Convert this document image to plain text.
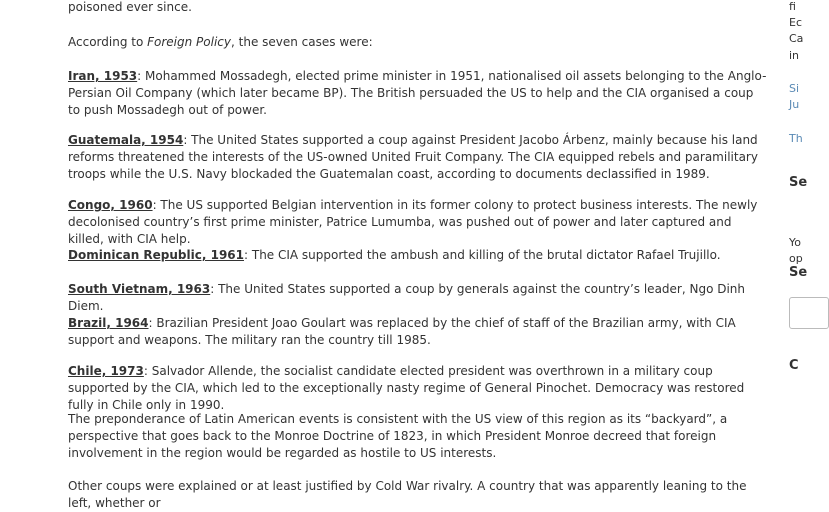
poisoned ever since.

According to Foreign Policy, the seven cases were:

Iran, 1953: Mohammed Mossadegh, elected prime minister in 1951, nationalised oil assets belonging to the Anglo-Persian Oil Company (which later became BP). The British persuaded the US to help and the CIA organised a coup to push Mossadegh out of power.

Guatemala, 1954: The United States supported a coup against President Jacobo Árbenz, mainly because his land reforms threatened the interests of the US-owned United Fruit Company. The CIA equipped rebels and paramilitary troops while the U.S. Navy blockaded the Guatemalan coast, according to documents declassified in 1989.

Congo, 1960: The US supported Belgian intervention in its former colony to protect business interests. The newly decolonised country’s first prime minister, Patrice Lumumba, was pushed out of power and later captured and killed, with CIA help.

Dominican Republic, 1961: The CIA supported the ambush and killing of the brutal dictator Rafael Trujillo.

South Vietnam, 1963: The United States supported a coup by generals against the country’s leader, Ngo Dinh Diem.

Brazil, 1964: Brazilian President Joao Goulart was replaced by the chief of staff of the Brazilian army, with CIA support and weapons. The military ran the country till 1985.

Chile, 1973: Salvador Allende, the socialist candidate elected president was overthrown in a military coup supported by the CIA, which led to the exceptionally nasty regime of General Pinochet. Democracy was restored fully in Chile only in 1990.

The preponderance of Latin American events is consistent with the US view of this region as its “backyard”, a perspective that goes back to the Monroe Doctrine of 1823, in which President Monroe decreed that foreign involvement in the region would be regarded as hostile to US interests.

Other coups were explained or at least justified by Cold War rivalry. A country that was apparently leaning to the left, whether or

fi
Ec
Ca
in
Si
Ju
Th
Se
Yo
op
Se
C
